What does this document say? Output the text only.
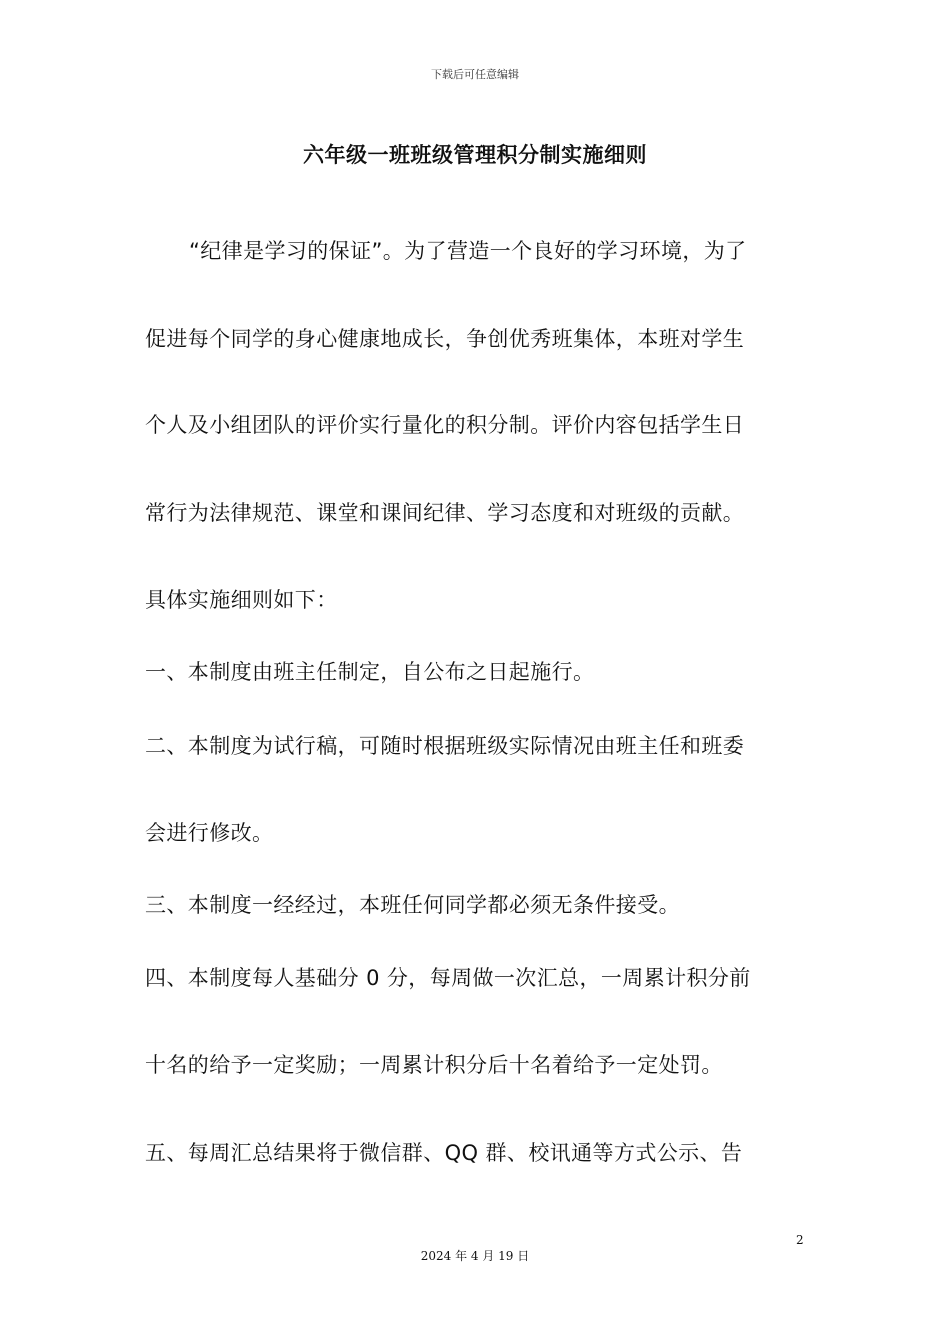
下载后可任意编辑
六年级一班班级管理积分制实施细则
“纪律是学习的保证”。为了营造一个良好的学习环境，为了
促进每个同学的身心健康地成长，争创优秀班集体，本班对学生
个人及小组团队的评价实行量化的积分制。评价内容包括学生日
常行为法律规范、课堂和课间纪律、学习态度和对班级的贡献。
具体实施细则如下：
一、本制度由班主任制定，自公布之日起施行。
二、本制度为试行稿，可随时根据班级实际情况由班主任和班委
会进行修改。
三、本制度一经经过，本班任何同学都必须无条件接受。
四、本制度每人基础分 0 分，每周做一次汇总，一周累计积分前
十名的给予一定奖励；一周累计积分后十名着给予一定处罚。
五、每周汇总结果将于微信群、QQ 群、校讯通等方式公示、告
2
2024 年 4 月 19 日
